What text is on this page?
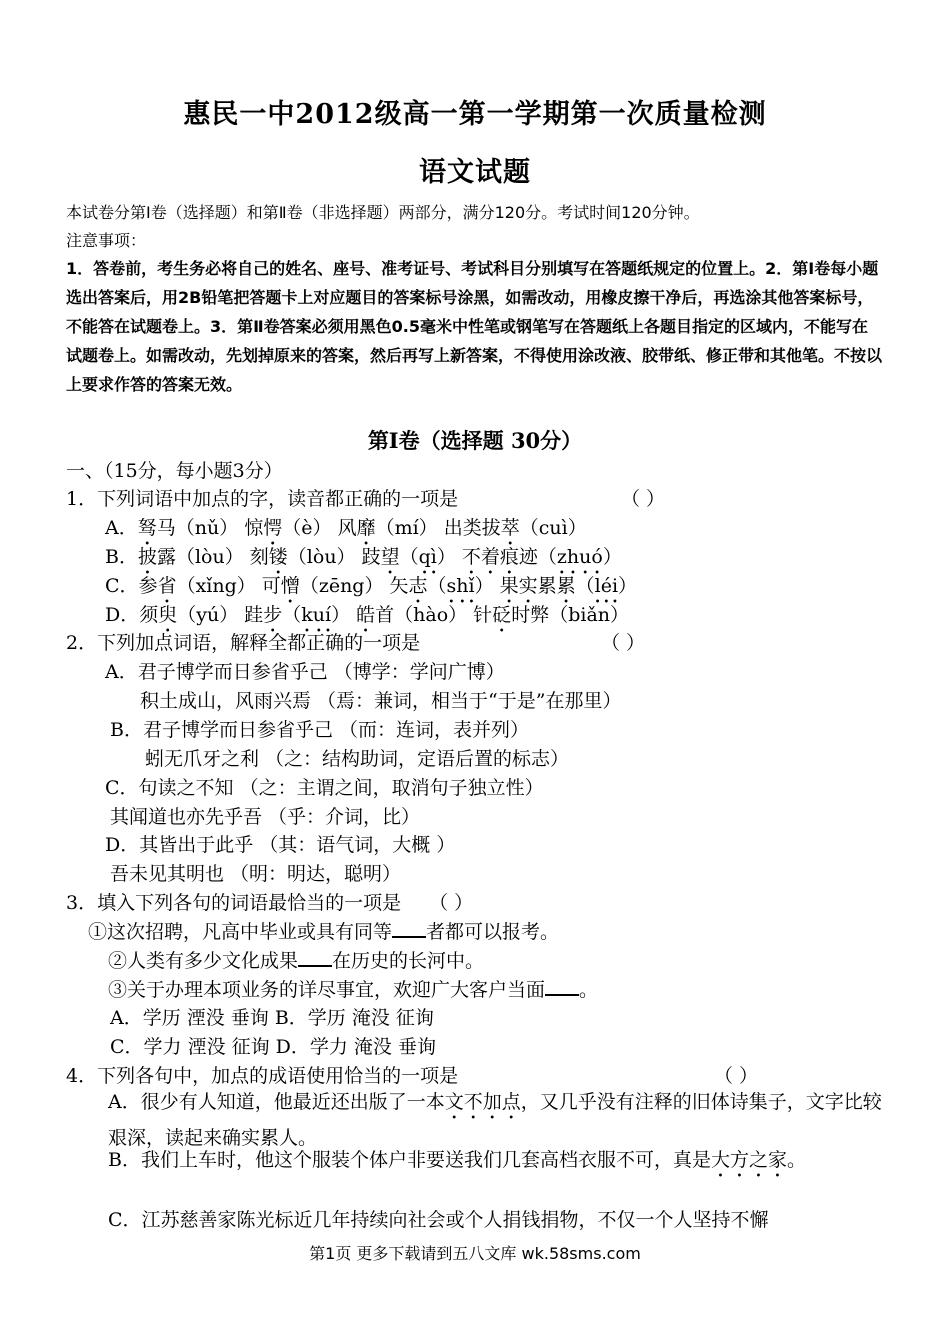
惠民一中2012级高一第一学期第一次质量检测
语文试题
本试卷分第Ⅰ卷（选择题）和第Ⅱ卷（非选择题）两部分，满分120分。考试时间120分钟。
注意事项：
1．答卷前，考生务必将自己的姓名、座号、准考证号、考试科目分别填写在答题纸规定的位置上。2．第Ⅰ卷每小题选出答案后，用2B铅笔把答题卡上对应题目的答案标号涂黑，如需改动，用橡皮擦干净后，再选涂其他答案标号，不能答在试题卷上。3．第Ⅱ卷答案必须用黑色0.5毫米中性笔或钢笔写在答题纸上各题目指定的区域内，不能写在试题卷上。如需改动，先划掉原来的答案，然后再写上新答案，不得使用涂改液、胶带纸、修正带和其他笔。不按以上要求作答的答案无效。
第Ⅰ卷（选择题 30分）
一、（15分，每小题3分）
1．下列词语中加点的字，读音都正确的一项是	（ ）
A．驽马（nǔ） 惊愕（è） 风靡（mí） 出类拔萃（cuì）
B．披露（lòu） 刻镂（lòu） 跂望（qì） 不着痕迹（zhuó）
C．参省（xǐng） 可憎（zēng） 矢志（shǐ） 果实累累（léi）
D．须臾（yú） 跬步（kuí） 皓首（hào） 针砭时弊（biǎn）
2．下列加点词语，解释全都正确的一项是	（ ）
A．君子博学而日参省乎己 （博学：学问广博）
积土成山，风雨兴焉 （焉：兼词，相当于“于是”在那里）
B．君子博学而日参省乎己 （而：连词，表并列）
蚓无爪牙之利 （之：结构助词，定语后置的标志）
C．句读之不知 （之：主谓之间，取消句子独立性）
其闻道也亦先乎吾 （乎：介词，比）
D．其皆出于此乎 （其：语气词，大概 ）
吾未见其明也 （明：明达，聪明）
3．填入下列各句的词语最恰当的一项是 （ ）
①这次招聘，凡高中毕业或具有同等 者都可以报考。
②人类有多少文化成果 在历史的长河中。
③关于办理本项业务的详尽事宜，欢迎广大客户当面 。
A．学历 湮没 垂询 B．学历 淹没 征询
C．学力 湮没 征询 D．学力 淹没 垂询
4．下列各句中，加点的成语使用恰当的一项是	（ ）
A．很少有人知道，他最近还出版了一本文不加点，又几乎没有注释的旧体诗集子，文字比较艰深，读起来确实累人。
B．我们上车时，他这个服装个体户非要送我们几套高档衣服不可，真是大方之家。
C．江苏慈善家陈光标近几年持续向社会或个人捐钱捐物，不仅一个人坚持不懈
第1页 更多下载请到五八文库 wk.58sms.com
